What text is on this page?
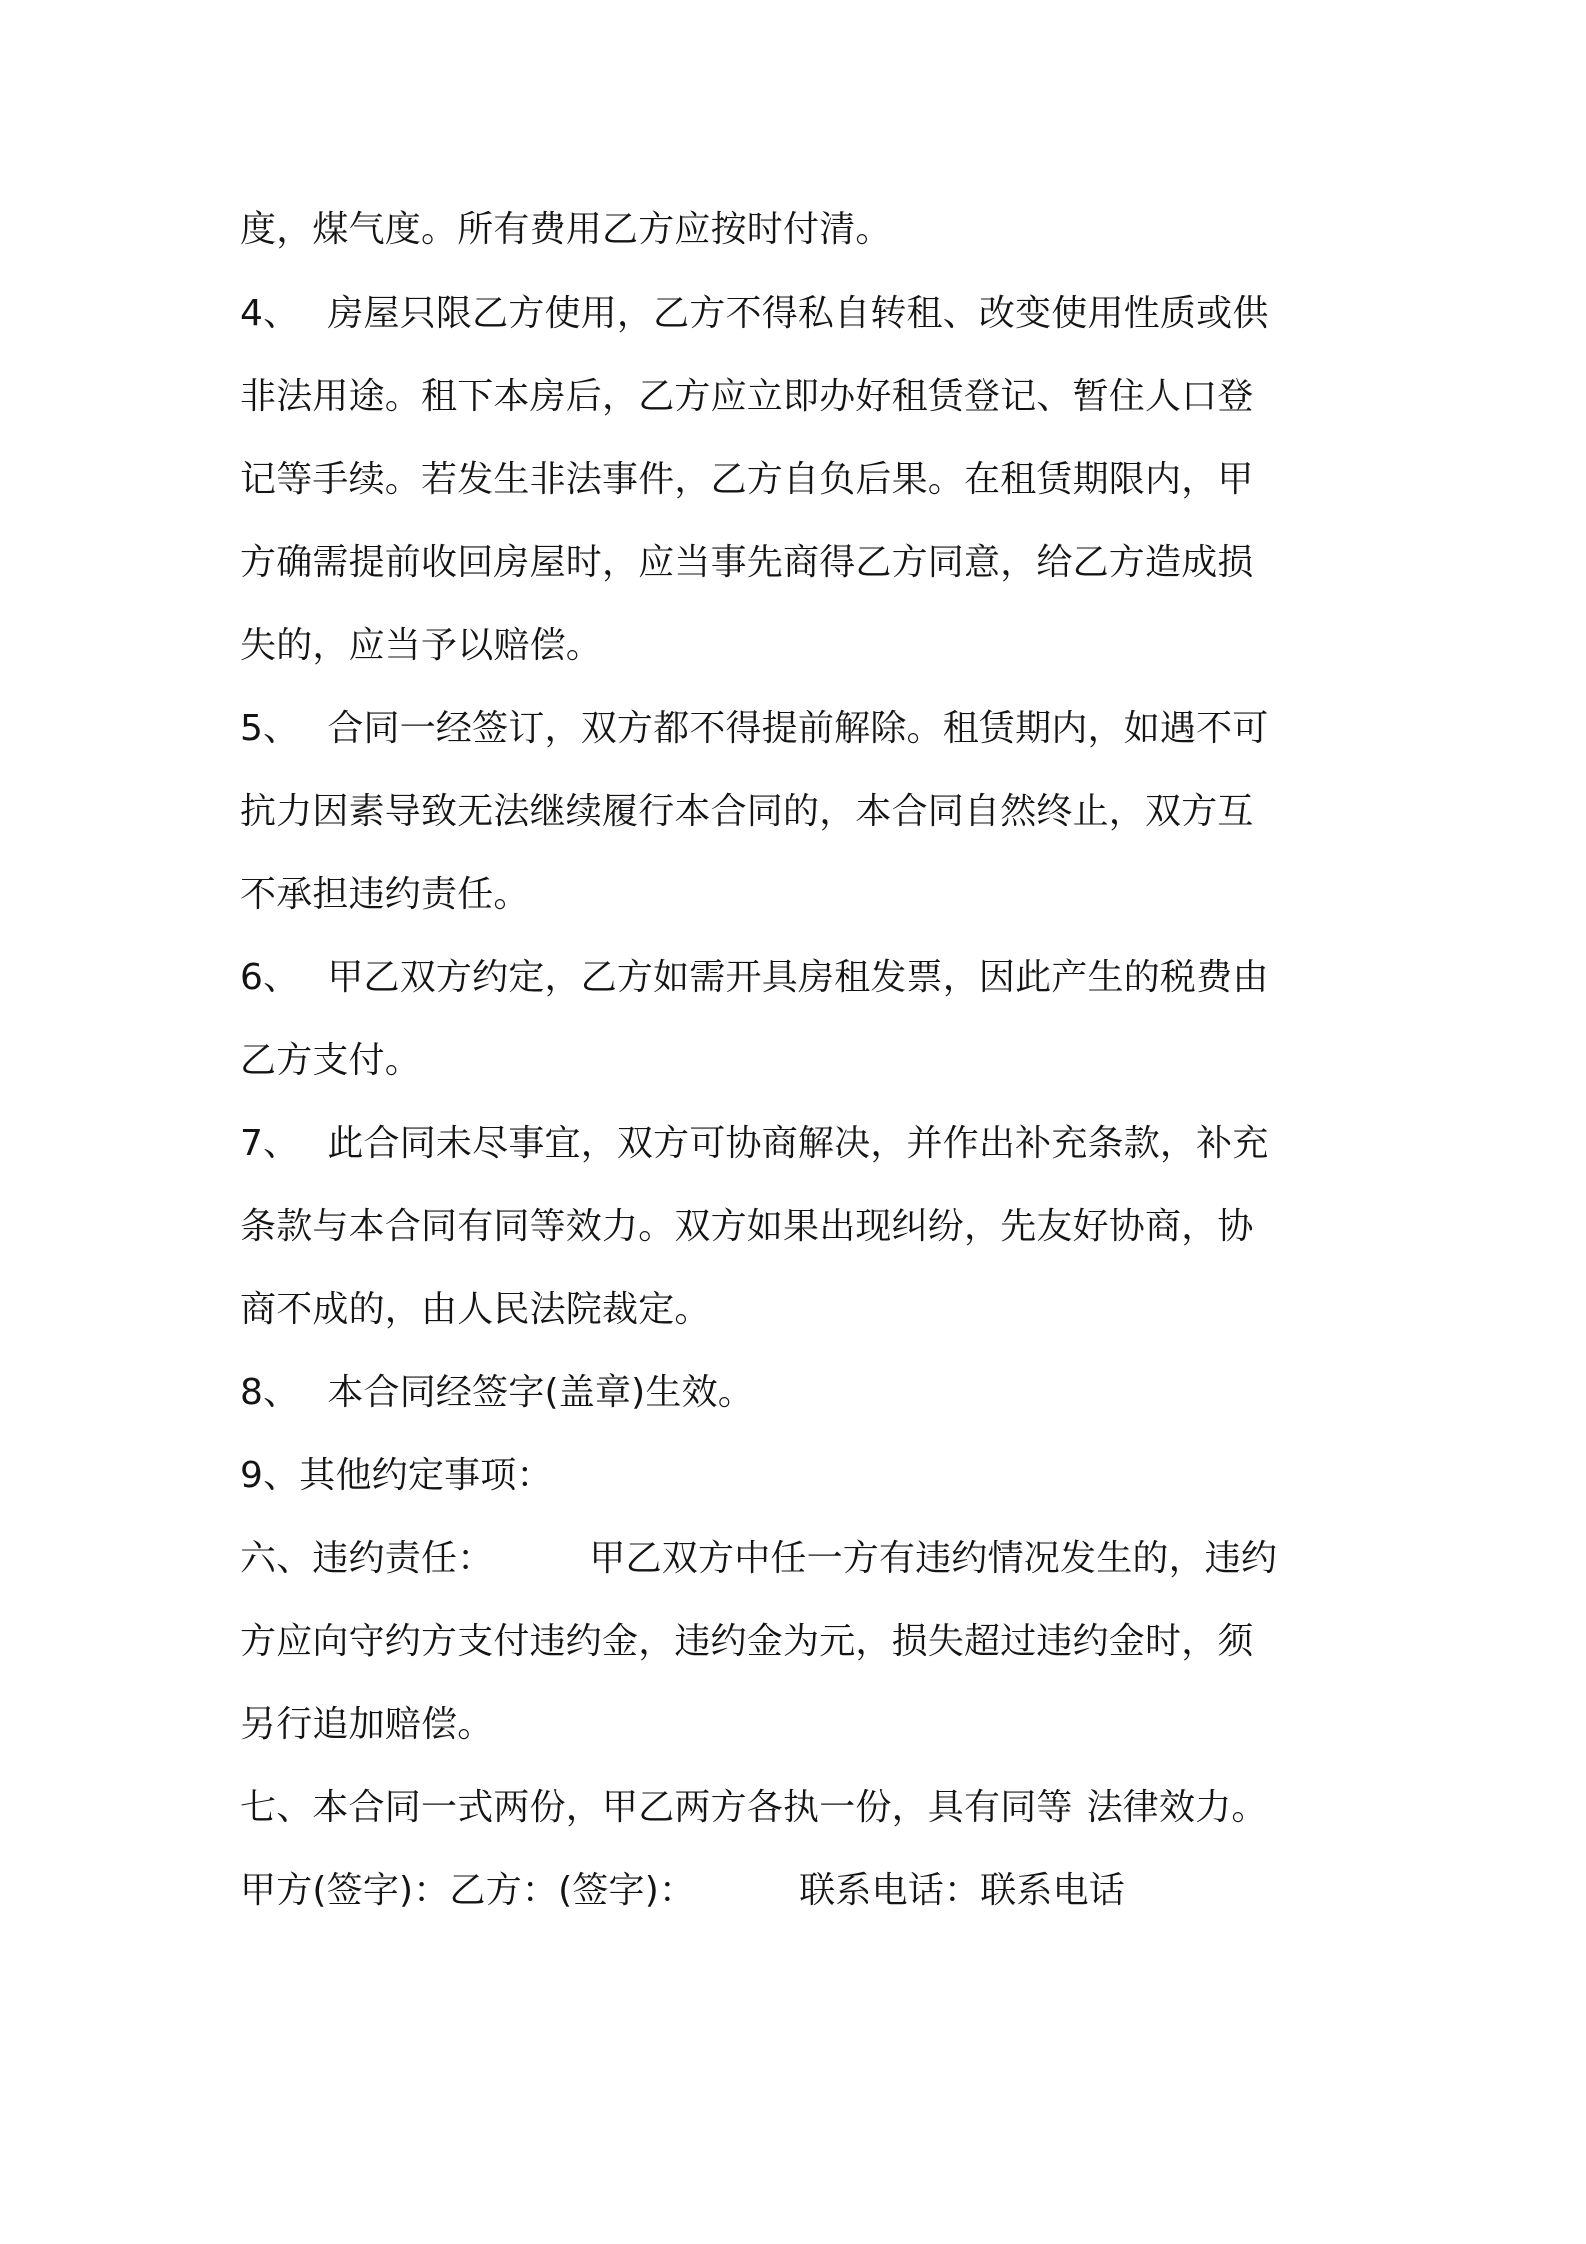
度，煤气度。所有费用乙方应按时付清。
4、 房屋只限乙方使用，乙方不得私自转租、改变使用性质或供
非法用途。租下本房后，乙方应立即办好租赁登记、暂住人口登
记等手续。若发生非法事件，乙方自负后果。在租赁期限内，甲
方确需提前收回房屋时，应当事先商得乙方同意，给乙方造成损
失的，应当予以赔偿。
5、 合同一经签订，双方都不得提前解除。租赁期内，如遇不可
抗力因素导致无法继续履行本合同的，本合同自然终止，双方互
不承担违约责任。
6、 甲乙双方约定，乙方如需开具房租发票，因此产生的税费由
乙方支付。
7、 此合同未尽事宜，双方可协商解决，并作出补充条款，补充
条款与本合同有同等效力。双方如果出现纠纷，先友好协商，协
商不成的，由人民法院裁定。
8、 本合同经签字(盖章)生效。
9、其他约定事项：
六、违约责任：	甲乙双方中任一方有违约情况发生的，违约
方应向守约方支付违约金，违约金为元，损失超过违约金时，须
另行追加赔偿。
七、本合同一式两份，甲乙两方各执一份，具有同等 法律效力。
甲方(签字)：乙方：(签字)：	联系电话：联系电话
